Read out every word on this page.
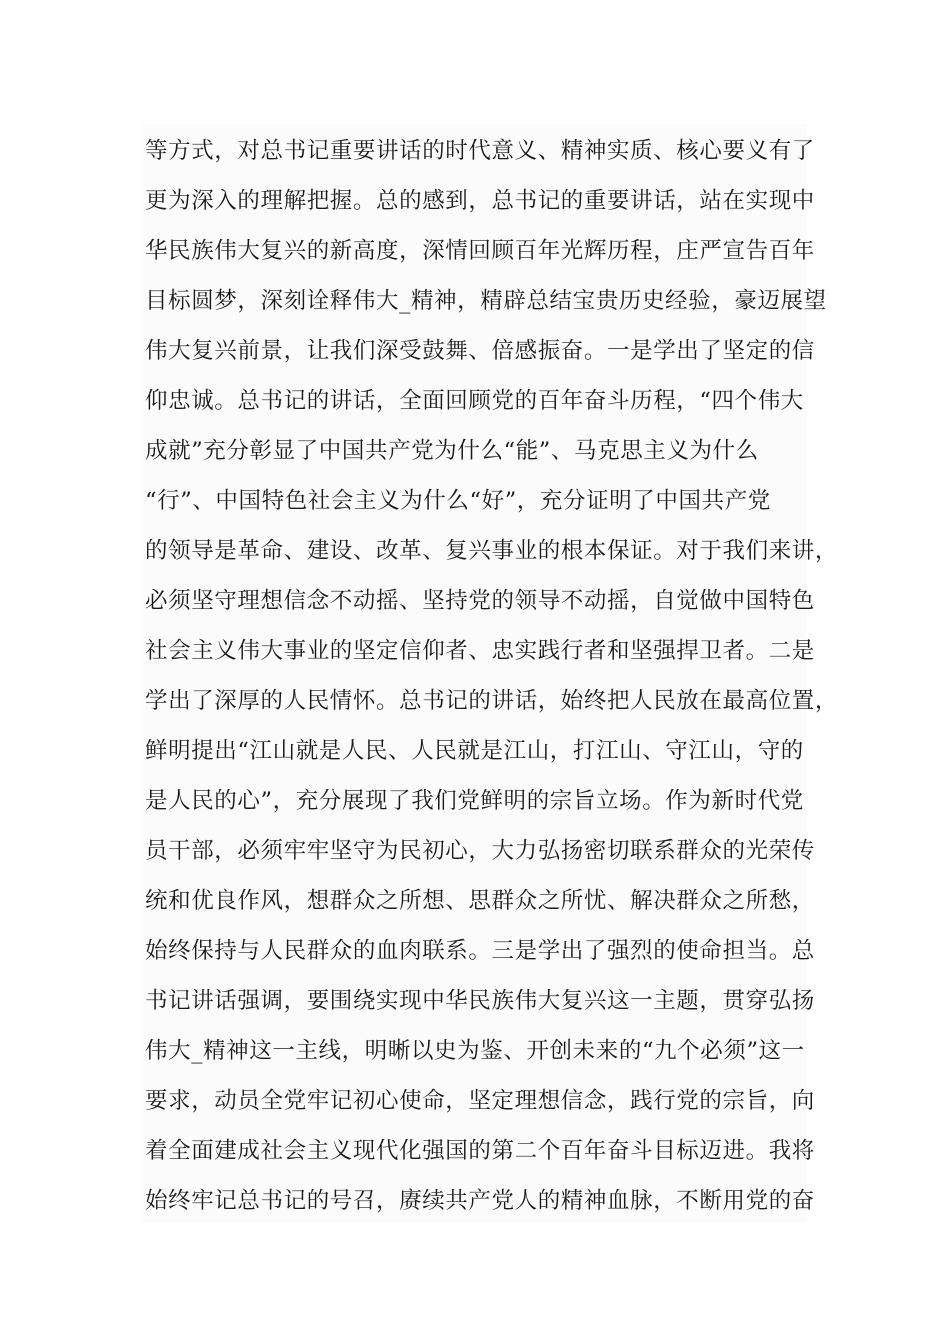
等方式，对总书记重要讲话的时代意义、精神实质、核心要义有了
更为深入的理解把握。总的感到，总书记的重要讲话，站在实现中
华民族伟大复兴的新高度，深情回顾百年光辉历程，庄严宣告百年
目标圆梦，深刻诠释伟大_精神，精辟总结宝贵历史经验，豪迈展望
伟大复兴前景，让我们深受鼓舞、倍感振奋。一是学出了坚定的信
仰忠诚。总书记的讲话，全面回顾党的百年奋斗历程，“四个伟大
成就”充分彰显了中国共产党为什么“能”、马克思主义为什么
“行”、中国特色社会主义为什么“好”，充分证明了中国共产党
的领导是革命、建设、改革、复兴事业的根本保证。对于我们来讲，
必须坚守理想信念不动摇、坚持党的领导不动摇，自觉做中国特色
社会主义伟大事业的坚定信仰者、忠实践行者和坚强捍卫者。二是
学出了深厚的人民情怀。总书记的讲话，始终把人民放在最高位置，
鲜明提出“江山就是人民、人民就是江山，打江山、守江山，守的
是人民的心”，充分展现了我们党鲜明的宗旨立场。作为新时代党
员干部，必须牢牢坚守为民初心，大力弘扬密切联系群众的光荣传
统和优良作风，想群众之所想、思群众之所忧、解决群众之所愁，
始终保持与人民群众的血肉联系。三是学出了强烈的使命担当。总
书记讲话强调，要围绕实现中华民族伟大复兴这一主题，贯穿弘扬
伟大_精神这一主线，明晰以史为鉴、开创未来的“九个必须”这一
要求，动员全党牢记初心使命，坚定理想信念，践行党的宗旨，向
着全面建成社会主义现代化强国的第二个百年奋斗目标迈进。我将
始终牢记总书记的号召，赓续共产党人的精神血脉，不断用党的奋
